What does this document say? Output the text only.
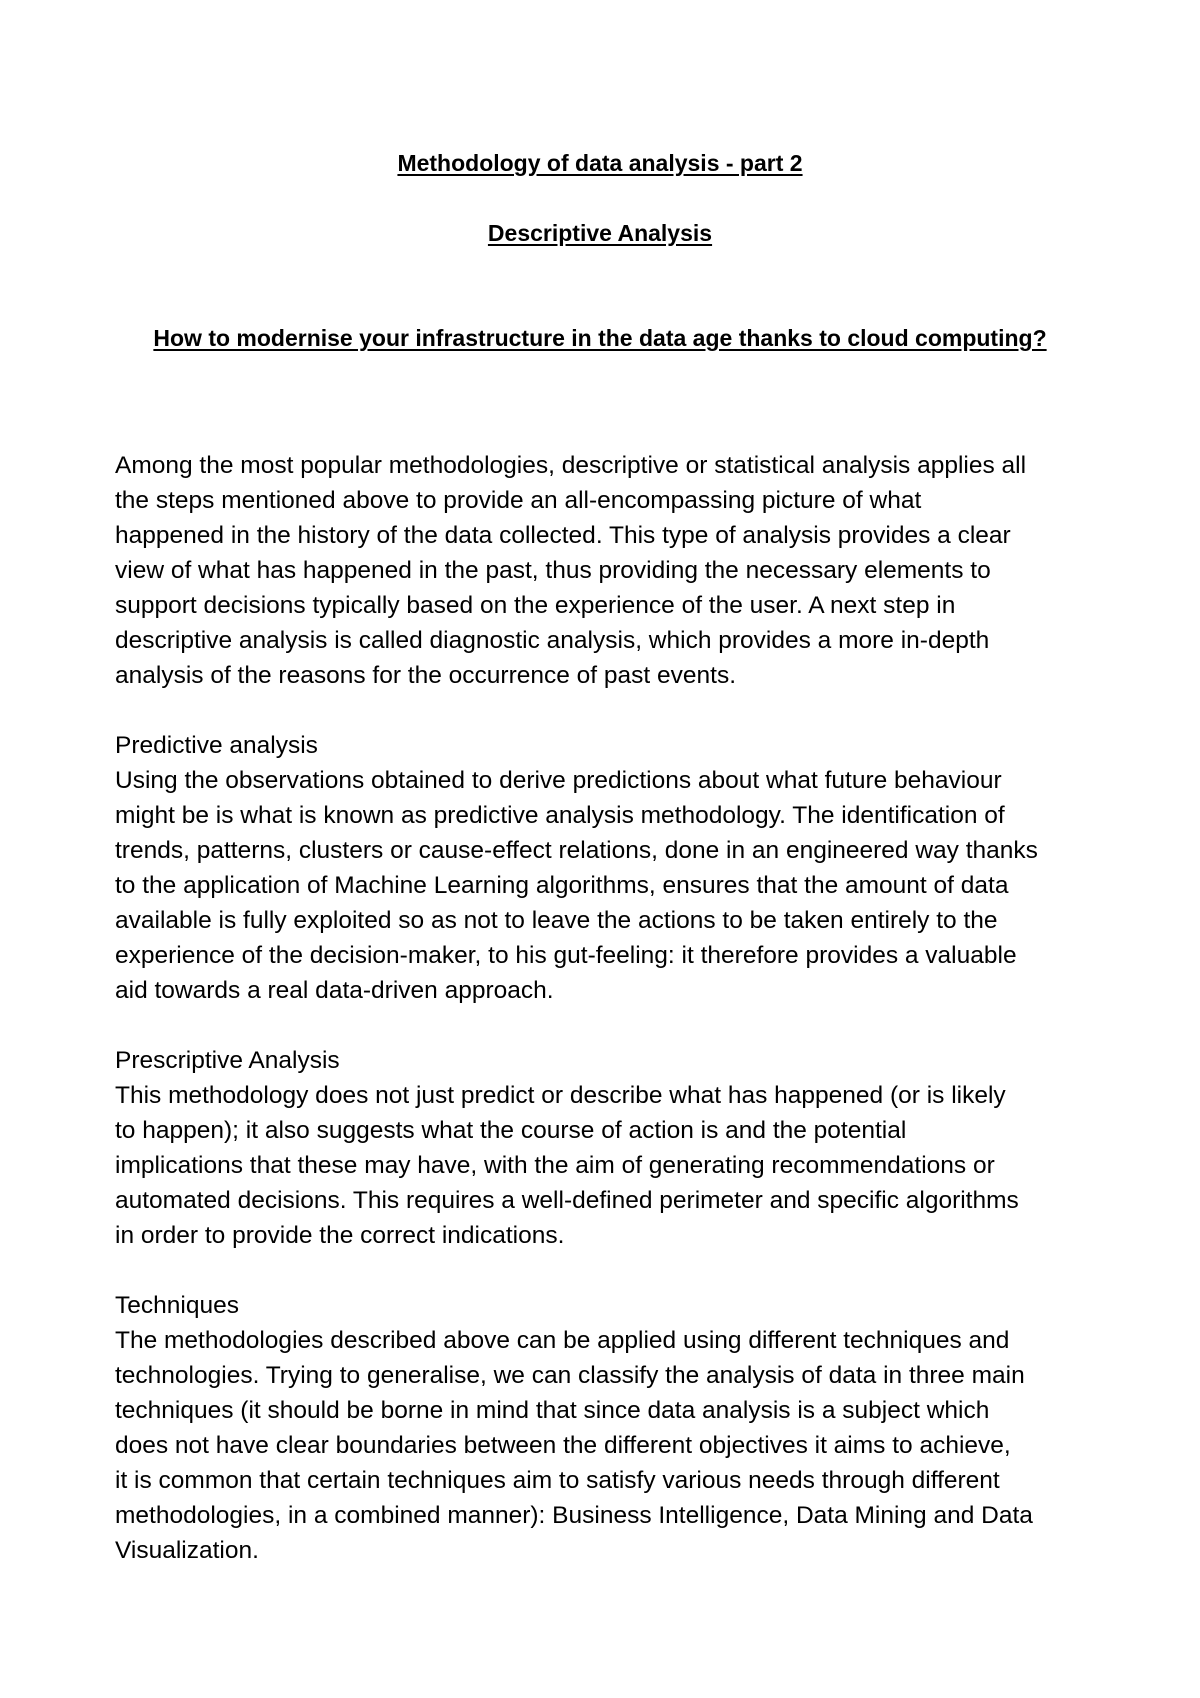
Methodology of data analysis - part 2
Descriptive Analysis
How to modernise your infrastructure in the data age thanks to cloud computing?
Among the most popular methodologies, descriptive or statistical analysis applies all
the steps mentioned above to provide an all-encompassing picture of what
happened in the history of the data collected. This type of analysis provides a clear
view of what has happened in the past, thus providing the necessary elements to
support decisions typically based on the experience of the user. A next step in
descriptive analysis is called diagnostic analysis, which provides a more in-depth
analysis of the reasons for the occurrence of past events.
Predictive analysis
Using the observations obtained to derive predictions about what future behaviour
might be is what is known as predictive analysis methodology. The identification of
trends, patterns, clusters or cause-effect relations, done in an engineered way thanks
to the application of Machine Learning algorithms, ensures that the amount of data
available is fully exploited so as not to leave the actions to be taken entirely to the
experience of the decision-maker, to his gut-feeling: it therefore provides a valuable
aid towards a real data-driven approach.
Prescriptive Analysis
This methodology does not just predict or describe what has happened (or is likely
to happen); it also suggests what the course of action is and the potential
implications that these may have, with the aim of generating recommendations or
automated decisions. This requires a well-defined perimeter and specific algorithms
in order to provide the correct indications.
Techniques
The methodologies described above can be applied using different techniques and
technologies. Trying to generalise, we can classify the analysis of data in three main
techniques (it should be borne in mind that since data analysis is a subject which
does not have clear boundaries between the different objectives it aims to achieve,
it is common that certain techniques aim to satisfy various needs through different
methodologies, in a combined manner): Business Intelligence, Data Mining and Data
Visualization.
